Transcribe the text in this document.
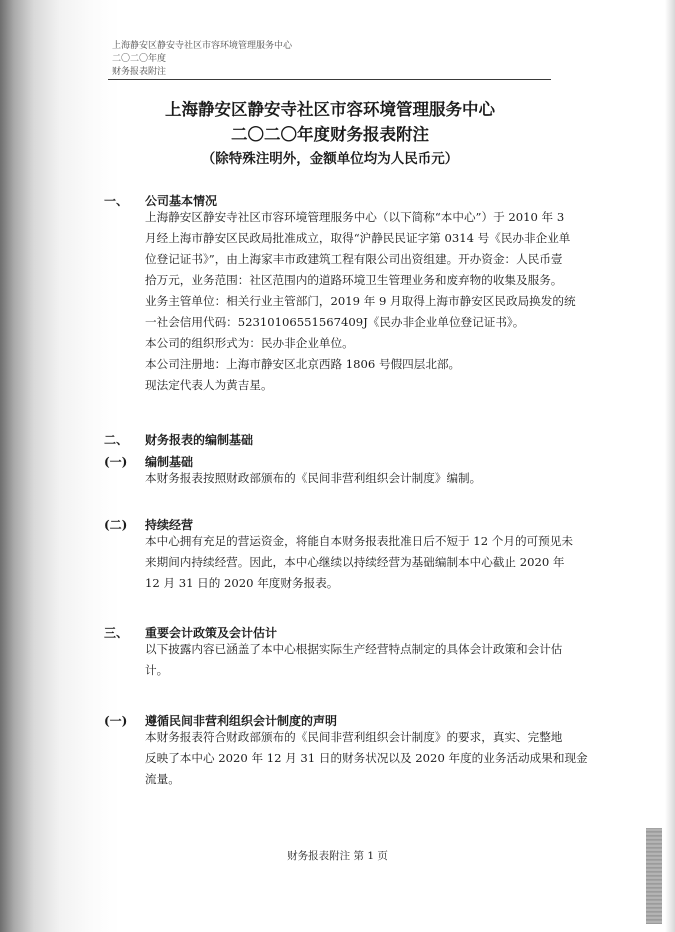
上海静安区静安寺社区市容环境管理服务中心
二〇二〇年度
财务报表附注
上海静安区静安寺社区市容环境管理服务中心
二〇二〇年度财务报表附注
（除特殊注明外，金额单位均为人民币元）
一、 公司基本情况
上海静安区静安寺社区市容环境管理服务中心（以下简称“本中心”）于 2010 年 3
月经上海市静安区民政局批准成立，取得“沪静民民证字第 0314 号《民办非企业单
位登记证书》”，由上海家丰市政建筑工程有限公司出资组建。开办资金：人民币壹
拾万元，业务范围：社区范围内的道路环境卫生管理业务和废弃物的收集及服务。
业务主管单位：相关行业主管部门，2019 年 9 月取得上海市静安区民政局换发的统
一社会信用代码：52310106551567409J《民办非企业单位登记证书》。
本公司的组织形式为：民办非企业单位。
本公司注册地：上海市静安区北京西路 1806 号假四层北部。
现法定代表人为黄吉星。
二、 财务报表的编制基础
(一) 编制基础
本财务报表按照财政部颁布的《民间非营利组织会计制度》编制。
(二) 持续经营
本中心拥有充足的营运资金，将能自本财务报表批准日后不短于 12 个月的可预见未
来期间内持续经营。因此，本中心继续以持续经营为基础编制本中心截止 2020 年
12 月 31 日的 2020 年度财务报表。
三、 重要会计政策及会计估计
以下披露内容已涵盖了本中心根据实际生产经营特点制定的具体会计政策和会计估
计。
(一) 遵循民间非营利组织会计制度的声明
本财务报表符合财政部颁布的《民间非营利组织会计制度》的要求，真实、完整地
反映了本中心 2020 年 12 月 31 日的财务状况以及 2020 年度的业务活动成果和现金
流量。
财务报表附注 第 1 页
